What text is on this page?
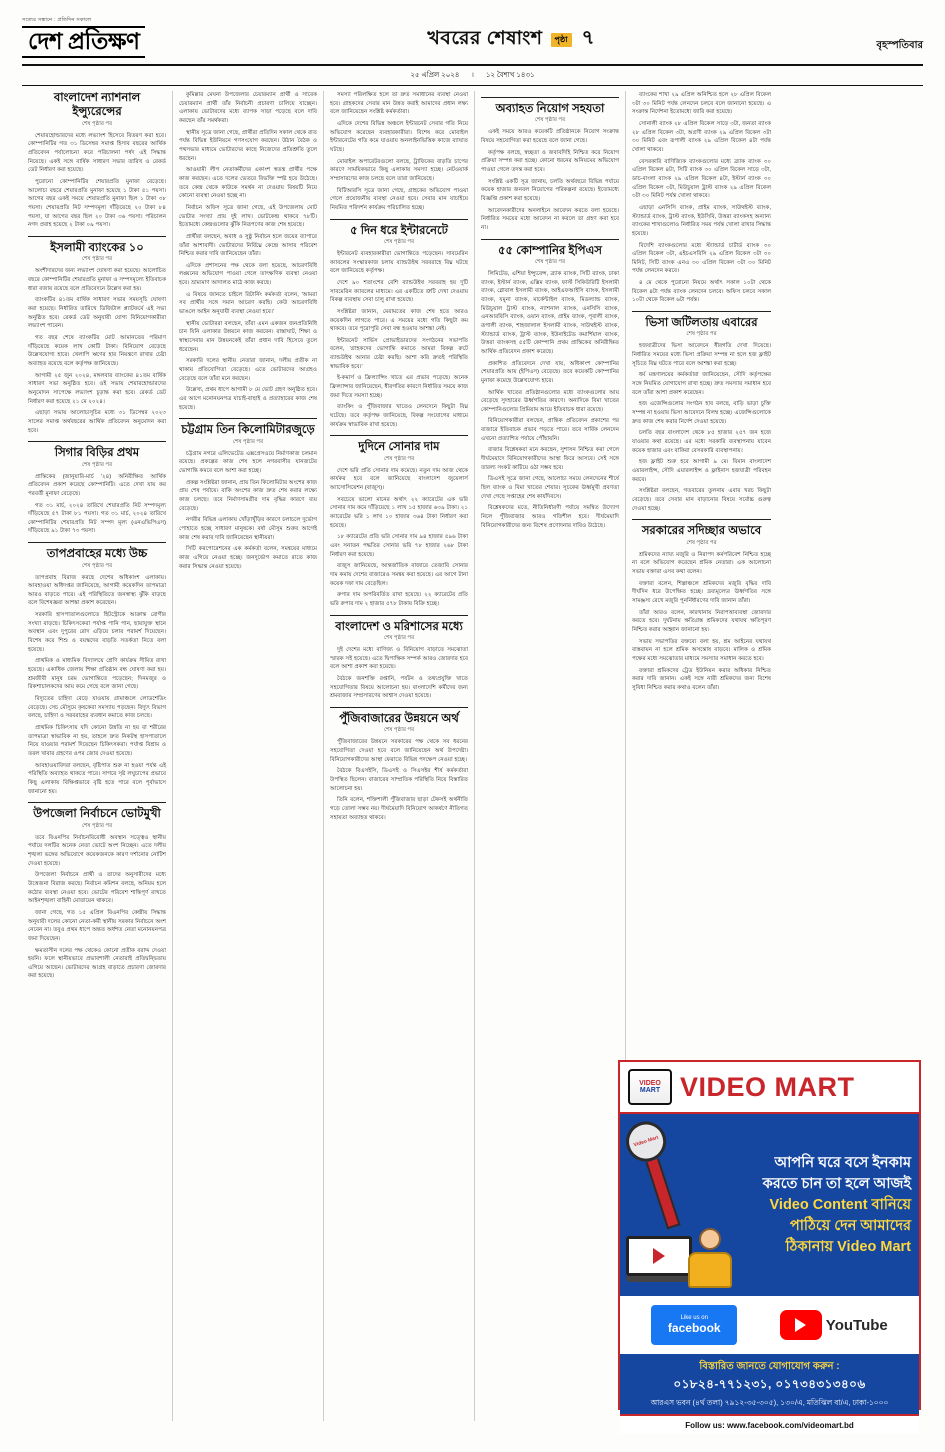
সত্যের সন্ধানে : প্রতিদিন সকালে
দেশ প্রতিক্ষণ	খবরের শেষাংশ	পৃষ্ঠা ৭	বৃহস্পতিবার
২৫ এপ্রিল ২০২৪ । ১২ বৈশাখ ১৪৩১
বাংলাদেশ ন্যাশনাল ইন্স্যুরেন্সের
শেষ পৃষ্ঠার পর

শেয়ারহোল্ডারদের মধ্যে লভ্যাংশ হিসেবে বিতরণ করা হবে। কোম্পানিটির গত ৩১ ডিসেম্বর সমাপ্ত হিসাব বছরের আর্থিক প্রতিবেদন পর্যালোচনা করে পরিচালনা পর্ষদ এই সিদ্ধান্ত নিয়েছে। একই সঙ্গে বার্ষিক সাধারণ সভার তারিখ ও রেকর্ড ডেট নির্ধারণ করা হয়েছে।

পুরোনো কোম্পানিটির শেয়ারপ্রতি মুনাফা বেড়েছে। আলোচ্য বছরে শেয়ারপ্রতি মুনাফা হয়েছে ১ টাকা ৫১ পয়সা। আগের বছর একই সময়ে শেয়ারপ্রতি মুনাফা ছিল ১ টাকা ৩৮ পয়সা। শেয়ারপ্রতি নিট সম্পদমূল্য দাঁড়িয়েছে ২০ টাকা ৮৪ পয়সা, যা আগের বছর ছিল ২০ টাকা ৩৬ পয়সা। পরিচালন নগদ প্রবাহ হয়েছে ২ টাকা ০৯ পয়সা।

ইসলামী ব্যাংকের ১০
শেষ পৃষ্ঠার পর

অংশীদারদের জন্য লভ্যাংশ ঘোষণা করা হয়েছে। আলোচিত বছরে কোম্পানিটির শেয়ারপ্রতি মুনাফা ও সম্পদমূল্যে ইতিবাচক ধারা বজায় রয়েছে বলে প্রতিবেদনে উল্লেখ করা হয়।

ব্যাংকটির ৪১তম বার্ষিক সাধারণ সভার সময়সূচি ঘোষণা করা হয়েছে। নির্ধারিত তারিখে ডিজিটাল প্ল্যাটফর্মে এই সভা অনুষ্ঠিত হবে। রেকর্ড ডেট অনুযায়ী যোগ্য বিনিয়োগকারীরা লভ্যাংশ পাবেন।

গত বছর শেষে ব্যাংকটির মোট আমানতের পরিমাণ দাঁড়িয়েছে কয়েক লাখ কোটি টাকা। বিনিয়োগ বেড়েছে উল্লেখযোগ্য হারে। খেলাপি ঋণের হার নিয়ন্ত্রণে রাখার চেষ্টা অব্যাহত রয়েছে বলে কর্তৃপক্ষ জানিয়েছে।

আগামী ২৫ জুন ২০২৪, মঙ্গলবার ব্যাংকের ৪১তম বার্ষিক সাধারণ সভা অনুষ্ঠিত হবে। ওই সভায় শেয়ারহোল্ডারদের অনুমোদন সাপেক্ষে লভ্যাংশ চূড়ান্ত করা হবে। রেকর্ড ডেট নির্ধারণ করা হয়েছে ২১ মে ২০২৪।

এছাড়া সভায় আলোচ্যসূচির মধ্যে ৩১ ডিসেম্বর ২০২৩ সালের সমাপ্ত অর্থবছরের আর্থিক প্রতিবেদন অনুমোদন করা হবে।

সিগার বিড়ির প্রথম
শেষ পৃষ্ঠার পর

প্রান্তিকের (জানুয়ারি-মার্চ '২৪) অনিরীক্ষিত আর্থিক প্রতিবেদন প্রকাশ করেছে কোম্পানিটি। এতে দেখা যায় কর পরবর্তী মুনাফা বেড়েছে।

গত ৩১ মার্চ, ২০২৪ তারিখে শেয়ারপ্রতি নিট সম্পদমূল্য দাঁড়িয়েছে ৫৭ টাকা ৮১ পয়সা। গত ৩১ মার্চ, ২০২৪ তারিখে কোম্পানিটির শেয়ারপ্রতি নিট সম্পদ মূল্য (এনএভিপিএস) দাঁড়িয়েছে ৯১ টাকা ৭৩ পয়সা।

তাপপ্রবাহের মধ্যে উচ্চ
শেষ পৃষ্ঠার পর

তাপপ্রবাহ বিরাজ করছে দেশের অধিকাংশ এলাকায়। আবহাওয়া অধিদপ্তর জানিয়েছে, আগামী কয়েকদিন তাপমাত্রা আরও বাড়তে পারে। এই পরিস্থিতিতে জনস্বাস্থ্য ঝুঁকি বাড়ছে বলে বিশেষজ্ঞরা আশঙ্কা প্রকাশ করেছেন।

সরকারি হাসপাতালগুলোতে হিটস্ট্রোকে আক্রান্ত রোগীর সংখ্যা বাড়ছে। চিকিৎসকেরা পর্যাপ্ত পানি পান, ছায়াযুক্ত স্থানে অবস্থান এবং দুপুরের রোদ এড়িয়ে চলার পরামর্শ দিয়েছেন। বিশেষ করে শিশু ও বয়স্কদের বাড়তি সতর্কতা নিতে বলা হয়েছে।

প্রাথমিক ও মাধ্যমিক বিদ্যালয়ে শ্রেণি কার্যক্রম সীমিত রাখা হয়েছে। একাধিক জেলায় শিক্ষা প্রতিষ্ঠান বন্ধ ঘোষণা করা হয়। শ্রমজীবী মানুষ চরম ভোগান্তিতে পড়েছেন; দিনমজুর ও রিকশাচালকদের আয় কমে গেছে বলে জানা গেছে।

বিদ্যুতের চাহিদা বেড়ে যাওয়ায় গ্রামাঞ্চলে লোডশেডিং বেড়েছে। সেচ মৌসুমে কৃষকেরা সমস্যায় পড়ছেন। বিদ্যুৎ বিভাগ বলছে, চাহিদা ও সরবরাহের ব্যবধান কমাতে কাজ চলছে।

প্রাথমিক চিকিৎসায় যদি কোনো উন্নতি না হয় বা শরীরের তাপমাত্রা স্বাভাবিক না হয়, তাহলে দ্রুত নিকটস্থ হাসপাতালে নিয়ে যাওয়ার পরামর্শ দিয়েছেন চিকিৎসকরা। পর্যাপ্ত বিশ্রাম ও তরল খাবার গ্রহণের ওপর জোর দেওয়া হয়েছে।

আবহাওয়াবিদরা বলছেন, বৃষ্টিপাত শুরু না হওয়া পর্যন্ত এই পরিস্থিতি অব্যাহত থাকতে পারে। সাগরে সৃষ্ট লঘুচাপের প্রভাবে কিছু এলাকায় বিক্ষিপ্তভাবে বৃষ্টি হতে পারে বলে পূর্বাভাসে জানানো হয়।

উপজেলা নির্বাচনে ভোটমুখী
শেষ পৃষ্ঠার পর

তবে বিএনপির নির্বাচনবিরোধী অবস্থান সত্ত্বেও স্থানীয় পর্যায়ে দলটির অনেক নেতা ভোটে অংশ নিচ্ছেন। এতে দলীয় শৃঙ্খলা ভঙ্গের অভিযোগে কয়েকজনকে কারণ দর্শানোর নোটিশ দেওয়া হয়েছে।

উপজেলা নির্বাচনে প্রার্থী ও তাদের অনুসারীদের মধ্যে উত্তেজনা বিরাজ করছে। নির্বাচন কমিশন বলছে, অনিয়ম হলে কঠোর ব্যবস্থা নেওয়া হবে। ভোটের পরিবেশ শান্তিপূর্ণ রাখতে আইনশৃঙ্খলা বাহিনী মোতায়েন থাকবে।

জানা গেছে, গত ১৫ এপ্রিল বিএনপির কেন্দ্রীয় সিদ্ধান্ত অনুযায়ী দলের কোনো নেতা-কর্মী স্থানীয় সরকার নির্বাচনে অংশ নেবেন না। তবুও প্রথম ধাপে অন্তত অর্ধশত নেতা মনোনয়নপত্র জমা দিয়েছেন।

ক্ষমতাসীন দলের পক্ষ থেকেও কোনো প্রতীক বরাদ্দ দেওয়া হয়নি। ফলে স্থানীয়ভাবে প্রভাবশালী নেতারাই প্রতিদ্বন্দ্বিতায় এগিয়ে আছেন। ভোটারদের আগ্রহ বাড়াতে প্রচারণা জোরদার করা হয়েছে।

কুমিল্লার মেঘনা উপজেলার চেয়ারম্যান প্রার্থী ও সাবেক চেয়ারম্যান প্রার্থী তাঁর নির্বাচনী প্রচারণা চালিয়ে যাচ্ছেন। এলাকায় ভোটারদের মধ্যে ব্যাপক সাড়া পড়েছে বলে দাবি করছেন তাঁর সমর্থকরা।

স্থানীয় সূত্রে জানা গেছে, প্রার্থীরা প্রতিদিন সকাল থেকে রাত পর্যন্ত বিভিন্ন ইউনিয়নে গণসংযোগ করছেন। উঠান বৈঠক ও পথসভার মাধ্যমে ভোটারদের কাছে নিজেদের প্রতিশ্রুতি তুলে ধরছেন।

আওয়ামী লীগ নেতাকর্মীদের একাংশ স্বতন্ত্র প্রার্থীর পক্ষে কাজ করছেন। এতে দলের ভেতরে বিভক্তি স্পষ্ট হয়ে উঠেছে। তবে কেন্দ্র থেকে কাউকে সমর্থন না দেওয়ায় বিষয়টি নিয়ে কোনো ব্যবস্থা নেওয়া হচ্ছে না।

নির্বাচন অফিস সূত্রে জানা গেছে, এই উপজেলায় মোট ভোটার সংখ্যা প্রায় দুই লাখ। ভোটকেন্দ্র থাকবে ৭৮টি। ইতোমধ্যে কেন্দ্রগুলোর ঝুঁকি নিরূপণের কাজ শেষ হয়েছে।

প্রার্থীরা বলছেন, অবাধ ও সুষ্ঠু নির্বাচন হলে জয়ের ব্যাপারে তাঁরা আশাবাদী। ভোটারদের নির্বিঘ্নে কেন্দ্রে আসার পরিবেশ নিশ্চিত করার দাবি জানিয়েছেন তাঁরা।

এদিকে প্রশাসনের পক্ষ থেকে বলা হয়েছে, আচরণবিধি লঙ্ঘনের অভিযোগ পাওয়া গেলে তাৎক্ষণিক ব্যবস্থা নেওয়া হবে। ভ্রাম্যমাণ আদালত মাঠে কাজ করছে।

এ বিষয়ে জানতে চাইলে রিটার্নিং কর্মকর্তা বলেন, 'আমরা সব প্রার্থীর সঙ্গে সমান আচরণ করছি। কেউ আচরণবিধি ভাঙলে আইন অনুযায়ী ব্যবস্থা নেওয়া হবে।'

স্থানীয় ভোটাররা বলছেন, তাঁরা এমন একজন জনপ্রতিনিধি চান যিনি এলাকার উন্নয়নে কাজ করবেন। রাস্তাঘাট, শিক্ষা ও স্বাস্থ্যসেবার মান উন্নয়নকেই তাঁরা প্রধান দাবি হিসেবে তুলে ধরেছেন।

সরকারি দলের স্থানীয় নেতারা জানান, দলীয় প্রতীক না থাকায় প্রতিযোগিতা বেড়েছে। এতে ভোটারদের আগ্রহও বেড়েছে বলে তাঁরা মনে করছেন।

উল্লেখ্য, প্রথম ধাপে আগামী ৮ মে ভোট গ্রহণ অনুষ্ঠিত হবে। এর আগে মনোনয়নপত্র যাচাই-বাছাই ও প্রত্যাহারের কাজ শেষ হয়েছে।

চট্টগ্রাম তিন কিলোমিটারজুড়ে
শেষ পৃষ্ঠার পর

চট্টগ্রাম নগরে এলিভেটেড এক্সপ্রেসওয়ে নির্মাণকাজ চলমান রয়েছে। প্রকল্পের কাজ শেষ হলে নগরবাসীর যানজটের ভোগান্তি কমবে বলে আশা করা হচ্ছে।

প্রকল্প সংশ্লিষ্টরা জানান, প্রায় তিন কিলোমিটার অংশের কাজ প্রায় শেষ পর্যায়ে। বাকি অংশের কাজ দ্রুত শেষ করার লক্ষ্যে কাজ চলছে। তবে নির্মাণসামগ্রীর দাম বৃদ্ধির কারণে ব্যয় বেড়েছে।

নগরীর বিভিন্ন এলাকায় খোঁড়াখুঁড়ির কারণে চলাচলে দুর্ভোগ পোহাতে হচ্ছে সাধারণ মানুষকে। বর্ষা মৌসুম শুরুর আগেই কাজ শেষ করার দাবি জানিয়েছেন স্থানীয়রা।

সিটি করপোরেশনের এক কর্মকর্তা বলেন, সমন্বয়ের মাধ্যমে কাজ এগিয়ে নেওয়া হচ্ছে। জনদুর্ভোগ কমাতে রাতে কাজ করার সিদ্ধান্ত নেওয়া হয়েছে।

সমস্যা পরিলক্ষিত হলে তা দ্রুত সমাধানের ব্যবস্থা নেওয়া হবে। গ্রাহকদের সেবার মান উন্নত করাই আমাদের প্রধান লক্ষ্য বলে জানিয়েছেন সংশ্লিষ্ট কর্মকর্তারা।

এদিকে দেশের বিভিন্ন অঞ্চলে ইন্টারনেট সেবার গতি নিয়ে অভিযোগ করেছেন ব্যবহারকারীরা। বিশেষ করে মোবাইল ইন্টারনেটের গতি কমে যাওয়ায় অনলাইনভিত্তিক কাজে ব্যাঘাত ঘটছে।

মোবাইল অপারেটরগুলো বলছে, ট্রাফিকের বাড়তি চাপের কারণে সাময়িকভাবে কিছু এলাকায় সমস্যা হচ্ছে। নেটওয়ার্ক সম্প্রসারণের কাজ চলছে বলে তারা জানিয়েছে।

বিটিআরসি সূত্রে জানা গেছে, গ্রাহকের অভিযোগ পাওয়া গেলে প্রয়োজনীয় ব্যবস্থা নেওয়া হবে। সেবার মান যাচাইয়ে নিয়মিত পরিদর্শন কার্যক্রম পরিচালিত হচ্ছে।

৫ দিন ধরে ইন্টারনেটে
শেষ পৃষ্ঠার পর

ইন্টারনেট ব্যবহারকারীরা ভোগান্তিতে পড়েছেন। সাবমেরিন ক্যাবলের সংস্কারকাজ চলায় ব্যান্ডউইথ সরবরাহে বিঘ্ন ঘটছে বলে জানিয়েছে কর্তৃপক্ষ।

দেশে ৯০ শতাংশের বেশি ব্যান্ডউইথ সরবরাহ হয় দুটি সাবমেরিন ক্যাবলের মাধ্যমে। এর একটিতে ত্রুটি দেখা দেওয়ায় বিকল্প ব্যবস্থায় সেবা চালু রাখা হয়েছে।

সংশ্লিষ্টরা জানান, মেরামতের কাজ শেষ হতে আরও কয়েকদিন লাগতে পারে। এ সময়ের মধ্যে গতি কিছুটা কম থাকবে। তবে পুরোপুরি সেবা বন্ধ হওয়ার আশঙ্কা নেই।

ইন্টারনেট সার্ভিস প্রোভাইডারদের সংগঠনের সভাপতি বলেন, 'গ্রাহকদের ভোগান্তি কমাতে আমরা বিকল্প রুটে ব্যান্ডউইথ আনার চেষ্টা করছি। আশা করি দ্রুতই পরিস্থিতি স্বাভাবিক হবে।'

ই-কমার্স ও ফ্রিল্যান্সিং খাতে এর প্রভাব পড়েছে। অনেক ফ্রিল্যান্সার জানিয়েছেন, ধীরগতির কারণে নির্ধারিত সময়ে কাজ জমা দিতে সমস্যা হচ্ছে।

ব্যাংকিং ও পুঁজিবাজার খাতেও লেনদেনে কিছুটা বিঘ্ন ঘটেছে। তবে কর্তৃপক্ষ জানিয়েছে, বিকল্প সংযোগের মাধ্যমে কার্যক্রম স্বাভাবিক রাখা হয়েছে।

দুদিনে সোনার দাম
শেষ পৃষ্ঠার পর

দেশে ভরি প্রতি সোনার দাম কমেছে। নতুন দাম আজ থেকে কার্যকর হবে বলে জানিয়েছে বাংলাদেশ জুয়েলার্স অ্যাসোসিয়েশন (বাজুস)।

সবচেয়ে ভালো মানের অর্থাৎ ২২ ক্যারেটের এক ভরি সোনার দাম কমে দাঁড়িয়েছে ১ লাখ ১৫ হাজার ৬৩৯ টাকা। ২১ ক্যারেটের ভরি ১ লাখ ১০ হাজার ৩৬৪ টাকা নির্ধারণ করা হয়েছে।

১৮ ক্যারেটের প্রতি ভরি সোনার দাম ৯৪ হাজার ৫৯৬ টাকা এবং সনাতন পদ্ধতির সোনার ভরি ৭৮ হাজার ২৬৮ টাকা নির্ধারণ করা হয়েছে।

বাজুস জানিয়েছে, আন্তর্জাতিক বাজারে তেজাবি সোনার দাম কমায় দেশের বাজারেও সমন্বয় করা হয়েছে। এর আগে টানা কয়েক দফা দাম বেড়েছিল।

রুপার দাম অপরিবর্তিত রাখা হয়েছে। ২২ ক্যারেটের প্রতি ভরি রুপার দাম ২ হাজার ৫৭৮ টাকায় বিক্রি হচ্ছে।

বাংলাদেশ ও মরিশাসের মধ্যে
শেষ পৃষ্ঠার পর

দুই দেশের মধ্যে বাণিজ্য ও বিনিয়োগ বাড়াতে সমঝোতা স্মারক সই হয়েছে। এতে দ্বিপাক্ষিক সম্পর্ক আরও জোরদার হবে বলে আশা প্রকাশ করা হয়েছে।

বৈঠকে জনশক্তি রপ্তানি, পর্যটন ও তথ্যপ্রযুক্তি খাতে সহযোগিতার বিষয়ে আলোচনা হয়। বাংলাদেশি কর্মীদের জন্য শ্রমবাজার সম্প্রসারণের আশ্বাস দেওয়া হয়েছে।

পুঁজিবাজারের উন্নয়নে অর্থ
শেষ পৃষ্ঠার পর

পুঁজিবাজারের উন্নয়নে সরকারের পক্ষ থেকে সব ধরনের সহযোগিতা দেওয়া হবে বলে জানিয়েছেন অর্থ উপদেষ্টা। বিনিয়োগকারীদের আস্থা ফেরাতে বিভিন্ন পদক্ষেপ নেওয়া হচ্ছে।

বৈঠকে বিএসইসি, ডিএসই ও সিএসইর শীর্ষ কর্মকর্তারা উপস্থিত ছিলেন। বাজারের সাম্প্রতিক পরিস্থিতি নিয়ে বিস্তারিত আলোচনা হয়।

তিনি বলেন, শক্তিশালী পুঁজিবাজার ছাড়া টেকসই অর্থনীতি গড়ে তোলা সম্ভব নয়। দীর্ঘমেয়াদি বিনিয়োগ আকর্ষণে নীতিগত সহায়তা অব্যাহত থাকবে।

অব্যাহত নিয়ােগ সহযতা
শেষ পৃষ্ঠার পর

একই সময়ে আরও কয়েকটি প্রতিষ্ঠানকে নিয়োগ সংক্রান্ত বিষয়ে সহযোগিতা করা হয়েছে বলে জানা গেছে।

কর্তৃপক্ষ বলছে, স্বচ্ছতা ও জবাবদিহি নিশ্চিত করে নিয়োগ প্রক্রিয়া সম্পন্ন করা হচ্ছে। কোনো ধরনের অনিয়মের অভিযোগ পাওয়া গেলে তদন্ত করা হবে।

সংশ্লিষ্ট একটি সূত্র জানায়, চলতি অর্থবছরে বিভিন্ন পর্যায়ে কয়েক হাজার জনবল নিয়োগের পরিকল্পনা রয়েছে। ইতোমধ্যে বিজ্ঞপ্তি প্রকাশ করা হয়েছে।

আবেদনকারীদের অনলাইনে আবেদন করতে বলা হয়েছে। নির্ধারিত সময়ের মধ্যে আবেদন না করলে তা গ্রহণ করা হবে না।

৫৫ কোম্পানির ইপিএস
শেষ পৃষ্ঠার পর

লিমিটেড, এশিয়া ইন্স্যুরেন্স, ব্র্যাক ব্যাংক, সিটি ব্যাংক, ঢাকা ব্যাংক, ইস্টার্ন ব্যাংক, এক্সিম ব্যাংক, ফার্স্ট সিকিউরিটি ইসলামী ব্যাংক, গ্লোবাল ইসলামী ব্যাংক, আইএফআইসি ব্যাংক, ইসলামী ব্যাংক, যমুনা ব্যাংক, মার্কেন্টাইল ব্যাংক, মিডল্যান্ড ব্যাংক, মিউচুয়াল ট্রাস্ট ব্যাংক, ন্যাশনাল ব্যাংক, এনসিসি ব্যাংক, এনআরবিসি ব্যাংক, ওয়ান ব্যাংক, প্রাইম ব্যাংক, পূবালী ব্যাংক, রূপালী ব্যাংক, শাহজালাল ইসলামী ব্যাংক, সাউথইস্ট ব্যাংক, স্ট্যান্ডার্ড ব্যাংক, ট্রাস্ট ব্যাংক, ইউনাইটেড কমার্শিয়াল ব্যাংক, উত্তরা ব্যাংকসহ ৫৫টি কোম্পানি প্রথম প্রান্তিকের অনিরীক্ষিত আর্থিক প্রতিবেদন প্রকাশ করেছে।

প্রকাশিত প্রতিবেদনে দেখা যায়, অধিকাংশ কোম্পানির শেয়ারপ্রতি আয় (ইপিএস) বেড়েছে। তবে কয়েকটি কোম্পানির মুনাফা কমেছে উল্লেখযোগ্য হারে।

আর্থিক খাতের প্রতিষ্ঠানগুলোর মধ্যে ব্যাংকগুলোর আয় বেড়েছে সুদহারের ঊর্ধ্বগতির কারণে। অন্যদিকে বিমা খাতের কোম্পানিগুলোর প্রিমিয়াম আয়ে ইতিবাচক ধারা রয়েছে।

বিনিয়োগকারীরা বলছেন, প্রান্তিক প্রতিবেদন প্রকাশের পর বাজারে ইতিবাচক প্রভাব পড়তে পারে। তবে সার্বিক লেনদেন এখনো প্রত্যাশিত পর্যায়ে পৌঁছায়নি।

বাজার বিশ্লেষকরা মনে করছেন, সুশাসন নিশ্চিত করা গেলে দীর্ঘমেয়াদে বিনিয়োগকারীদের আস্থা ফিরে আসবে। সেই সঙ্গে তারল্য সংকট কাটিয়ে ওঠা সম্ভব হবে।

ডিএসই সূত্রে জানা গেছে, আলোচ্য সময়ে লেনদেনের শীর্ষে ছিল ব্যাংক ও বিমা খাতের শেয়ার। সূচকের ঊর্ধ্বমুখী প্রবণতা দেখা গেছে সপ্তাহের শেষ কার্যদিবসে।

বিশ্লেষকদের মতে, নীতিনির্ধারণী পর্যায়ে সমন্বিত উদ্যোগ নিলে পুঁজিবাজার আরও গতিশীল হবে। দীর্ঘমেয়াদি বিনিয়োগকারীদের জন্য বিশেষ প্রণোদনার দাবিও উঠেছে।

ব্যাংকের শাখা ২৯ এপ্রিল অনিশ্চিত হলে ২৮ এপ্রিল বিকেল ৩টা ৩০ মিনিট পর্যন্ত লেনদেন চলবে বলে জানানো হয়েছে। এ সংক্রান্ত নির্দেশনা ইতোমধ্যে জারি করা হয়েছে।

সোনালী ব্যাংক ২৮ এপ্রিল বিকেল সাড়ে ৩টা, জনতা ব্যাংক ২৮ এপ্রিল বিকেল ৩টা, অগ্রণী ব্যাংক ২৯ এপ্রিল বিকেল ৩টা ৩০ মিনিট এবং রূপালী ব্যাংক ২৯ এপ্রিল বিকেল ৪টা পর্যন্ত খোলা থাকবে।

বেসরকারি বাণিজ্যিক ব্যাংকগুলোর মধ্যে ব্র্যাক ব্যাংক ৩০ এপ্রিল বিকেল ৪টা, সিটি ব্যাংক ৩০ এপ্রিল বিকেল সাড়ে ৩টা, ডাচ-বাংলা ব্যাংক ২৯ এপ্রিল বিকেল ৪টা, ইস্টার্ন ব্যাংক ৩০ এপ্রিল বিকেল ৩টা, মিউচুয়াল ট্রাস্ট ব্যাংক ২৯ এপ্রিল বিকেল ৩টা ৩০ মিনিট পর্যন্ত খোলা থাকবে।

এছাড়া এনসিসি ব্যাংক, প্রাইম ব্যাংক, সাউথইস্ট ব্যাংক, স্ট্যান্ডার্ড ব্যাংক, ট্রাস্ট ব্যাংক, ইউসিবি, উত্তরা ব্যাংকসহ অন্যান্য ব্যাংকের শাখাগুলোও নির্ধারিত সময় পর্যন্ত খোলা রাখার সিদ্ধান্ত হয়েছে।

বিদেশি ব্যাংকগুলোর মধ্যে স্ট্যান্ডার্ড চার্টার্ড ব্যাংক ৩০ এপ্রিল বিকেল ৩টা, এইচএসবিসি ২৯ এপ্রিল বিকেল ৩টা ৩০ মিনিট, সিটি ব্যাংক এনএ ৩০ এপ্রিল বিকেল ৩টা ৩০ মিনিট পর্যন্ত লেনদেন করবে।

৪ মে থেকে পুরোনো নিয়মে অর্থাৎ সকাল ১০টা থেকে বিকেল ৪টা পর্যন্ত ব্যাংক লেনদেন চলবে। অফিস চলবে সকাল ১০টা থেকে বিকেল ৬টা পর্যন্ত।

ভিসা জটিলতায় এবারের
শেষ পৃষ্ঠার পর

হজযাত্রীদের ভিসা আবেদনে ধীরগতি দেখা দিয়েছে। নির্ধারিত সময়ের মধ্যে ভিসা প্রক্রিয়া সম্পন্ন না হলে হজ ফ্লাইট সূচিতে বিঘ্ন ঘটতে পারে বলে আশঙ্কা করা হচ্ছে।

ধর্ম মন্ত্রণালয়ের কর্মকর্তারা জানিয়েছেন, সৌদি কর্তৃপক্ষের সঙ্গে নিয়মিত যোগাযোগ রাখা হচ্ছে। দ্রুত সমস্যার সমাধান হবে বলে তাঁরা আশা প্রকাশ করেছেন।

হজ এজেন্সিগুলোর সংগঠন হাব বলছে, বাড়ি ভাড়া চুক্তি সম্পন্ন না হওয়ায় ভিসা আবেদনে বিলম্ব হচ্ছে। এজেন্সিগুলোকে দ্রুত কাজ শেষ করার নির্দেশ দেওয়া হয়েছে।

চলতি বছর বাংলাদেশ থেকে ৮৫ হাজার ২৫৭ জন হজে যাওয়ার কথা রয়েছে। এর মধ্যে সরকারি ব্যবস্থাপনায় যাবেন কয়েক হাজার এবং বাকিরা বেসরকারি ব্যবস্থাপনায়।

হজ ফ্লাইট শুরু হবে আগামী ৯ মে। বিমান বাংলাদেশ এয়ারলাইন্স, সৌদি এয়ারলাইন্স ও ফ্লাইনাস হজযাত্রী পরিবহন করবে।

সংশ্লিষ্টরা বলছেন, গতবারের তুলনায় এবার খরচ কিছুটা বেড়েছে। তবে সেবার মান বাড়ানোর বিষয়ে সর্বোচ্চ গুরুত্ব দেওয়া হচ্ছে।

সরকারের সদিচ্ছার অভাবে
শেষ পৃষ্ঠার পর

শ্রমিকদের ন্যায্য মজুরি ও নিরাপদ কর্মপরিবেশ নিশ্চিত হচ্ছে না বলে অভিযোগ করেছেন শ্রমিক নেতারা। এক আলোচনা সভায় বক্তারা এসব কথা বলেন।

বক্তারা বলেন, শিল্পাঞ্চলে শ্রমিকদের মজুরি বৃদ্ধির দাবি দীর্ঘদিন ধরে উপেক্ষিত হচ্ছে। দ্রব্যমূল্যের ঊর্ধ্বগতির সঙ্গে সামঞ্জস্য রেখে মজুরি পুনর্নির্ধারণের দাবি জানান তাঁরা।

তাঁরা আরও বলেন, কারখানায় নিরাপত্তাব্যবস্থা জোরদার করতে হবে। দুর্ঘটনায় ক্ষতিগ্রস্ত শ্রমিকদের যথাযথ ক্ষতিপূরণ নিশ্চিত করার আহ্বান জানানো হয়।

সভায় সভাপতির বক্তব্যে বলা হয়, শ্রম আইনের যথাযথ বাস্তবায়ন না হলে শ্রমিক অসন্তোষ বাড়বে। মালিক ও শ্রমিক পক্ষের মধ্যে সমঝোতার মাধ্যমে সমস্যার সমাধান করতে হবে।

বক্তারা শ্রমিকদের ট্রেড ইউনিয়ন করার অধিকার নিশ্চিত করার দাবি জানান। একই সঙ্গে নারী শ্রমিকদের জন্য বিশেষ সুবিধা নিশ্চিত করার কথাও বলেন তাঁরা।

VIDEO
MART VIDEO MART
Video Mart
আপনি ঘরে বসে ইনকাম
করতে চান তা হলে আজই
Video Content বানিয়ে
পাঠিয়ে দেন আমাদের
ঠিকানায় Video Mart
Like us on
facebook	YouTube
বিস্তারিত জানতে যোগাযোগ করুন :
০১৮২৪-৭৭১২৩১, ০১৭৩৪৩১৩৪০৬
আরএস ভবন (৪র্থ তলা) ৭৯১২-৩৫-৩০৫), ১৩০/এ, মতিঝিল বা/এ, ঢাকা-১০০০
Follow us: www.facebook.com/videomart.bd
